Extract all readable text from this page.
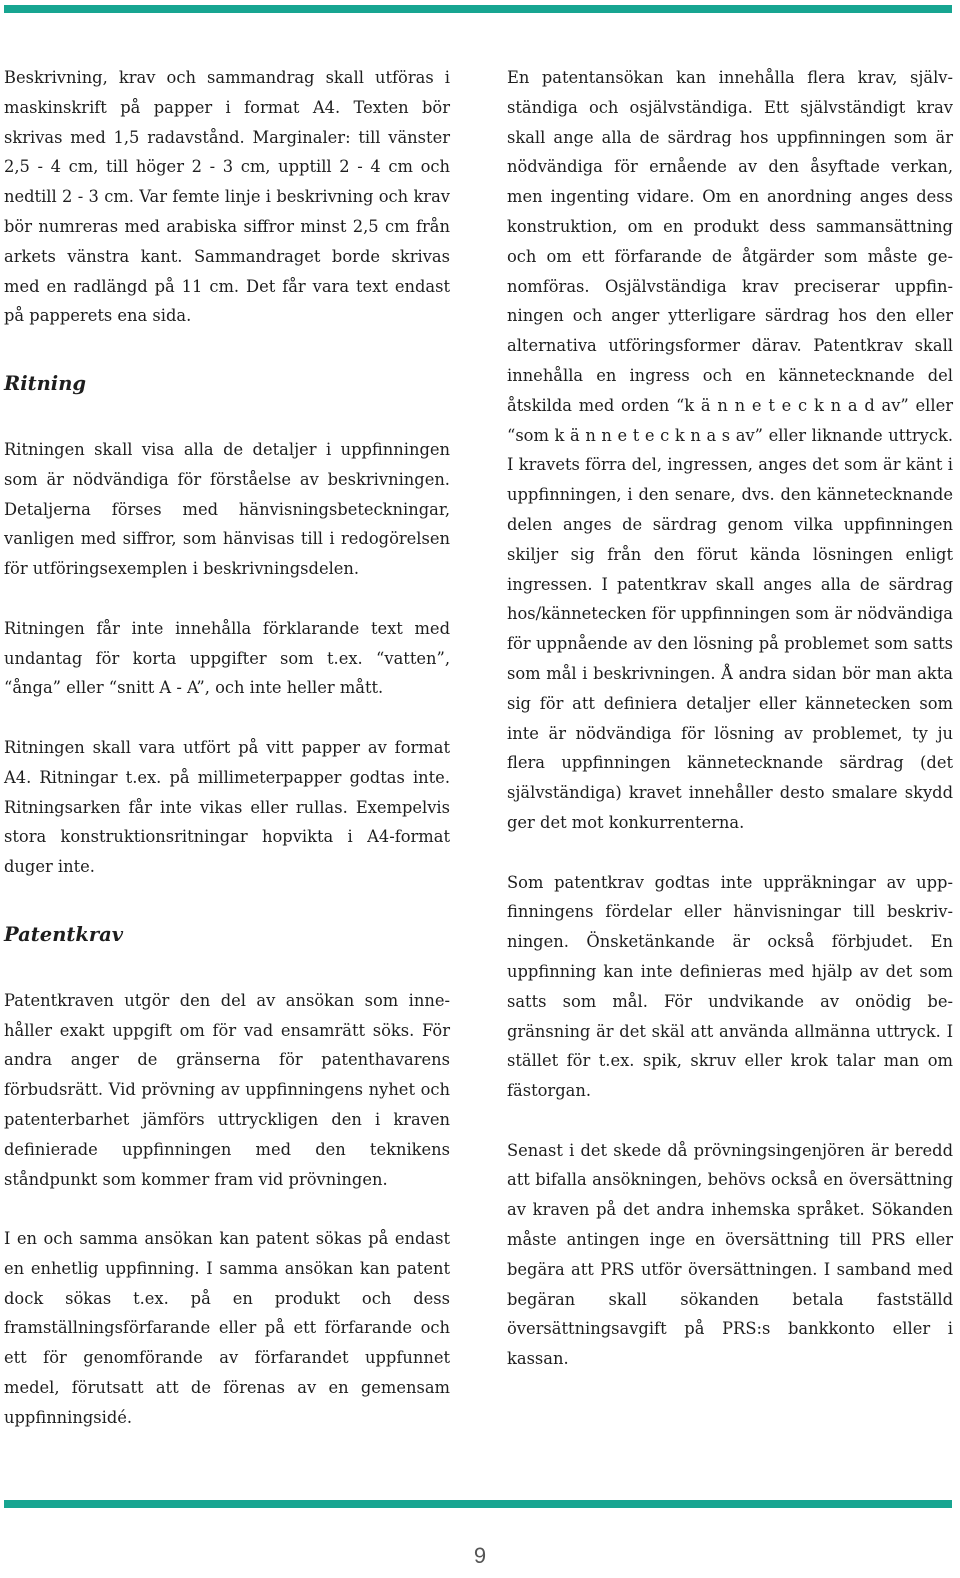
Beskrivning, krav och sammandrag skall utföras i maskinskrift på papper i format A4. Texten bör skrivas med 1,5 radavstånd. Marginaler: till vänster 2,5 - 4 cm, till höger 2 - 3 cm, upptill 2 - 4 cm och nedtill 2 - 3 cm. Var femte linje i beskrivning och krav bör numreras med arabiska siffror minst 2,5 cm från arkets vänstra kant. Sammandraget borde skrivas med en radlängd på 11 cm. Det får vara text endast på papperets ena sida.

Ritning

Ritningen skall visa alla de detaljer i uppfinningen som är nödvändiga för förståelse av beskrivningen. Detaljerna förses med hänvisningsbeteckningar, vanligen med siffror, som hänvisas till i redogörelsen för utföringsexemplen i beskrivningsdelen.

Ritningen får inte innehålla förklarande text med undantag för korta uppgifter som t.ex. “vatten”, “ånga” eller “snitt A - A”, och inte heller mått.

Ritningen skall vara utfört på vitt papper av format A4. Ritningar t.ex. på millimeterpapper godtas inte. Ritningsarken får inte vikas eller rullas. Exempelvis stora konstruktionsritningar hopvikta i A4-format duger inte.

Patentkrav

Patentkraven utgör den del av ansökan som innehåller exakt uppgift om för vad ensamrätt söks. För andra anger de gränserna för patenthavarens förbudsrätt. Vid prövning av uppfinningens nyhet och patenterbarhet jämförs uttryckligen den i kraven definierade uppfinningen med den teknikens ståndpunkt som kommer fram vid prövningen.

I en och samma ansökan kan patent sökas på endast en enhetlig uppfinning. I samma ansökan kan patent dock sökas t.ex. på en produkt och dess framställningsförfarande eller på ett förfarande och ett för genomförande av förfarandet uppfunnet medel, förutsatt att de förenas av en gemensam uppfinningsidé.

En patentansökan kan innehålla flera krav, självständiga och osjälvständiga. Ett självständigt krav skall ange alla de särdrag hos uppfinningen som är nödvändiga för ernående av den åsyftade verkan, men ingenting vidare. Om en anordning anges dess konstruktion, om en produkt dess sammansättning och om ett förfarande de åtgärder som måste genomföras. Osjälvständiga krav preciserar uppfinningen och anger ytterligare särdrag hos den eller alternativa utföringsformer därav. Patentkrav skall innehålla en ingress och en kännetecknande del åtskilda med orden “k ä n n e t e c k n a d av” eller “som k ä n n e t e c k n a s av” eller liknande uttryck. I kravets förra del, ingressen, anges det som är känt i uppfinningen, i den senare, dvs. den kännetecknande delen anges de särdrag genom vilka uppfinningen skiljer sig från den förut kända lösningen enligt ingressen. I patentkrav skall anges alla de särdrag hos/kännetecken för uppfinningen som är nödvändiga för uppnående av den lösning på problemet som satts som mål i beskrivningen. Å andra sidan bör man akta sig för att definiera detaljer eller kännetecken som inte är nödvändiga för lösning av problemet, ty ju flera uppfinningen kännetecknande särdrag (det självständiga) kravet innehåller desto smalare skydd ger det mot konkurrenterna.

Som patentkrav godtas inte uppräkningar av uppfinningens fördelar eller hänvisningar till beskrivningen. Önsketänkande är också förbjudet. En uppfinning kan inte definieras med hjälp av det som satts som mål. För undvikande av onödig begränsning är det skäl att använda allmänna uttryck. I stället för t.ex. spik, skruv eller krok talar man om fästorgan.

Senast i det skede då prövningsingenjören är beredd att bifalla ansökningen, behövs också en översättning av kraven på det andra inhemska språket. Sökanden måste antingen inge en översättning till PRS eller begära att PRS utför översättningen. I samband med begäran skall sökanden betala fastställd översättningsavgift på PRS:s bankkonto eller i kassan.

9
